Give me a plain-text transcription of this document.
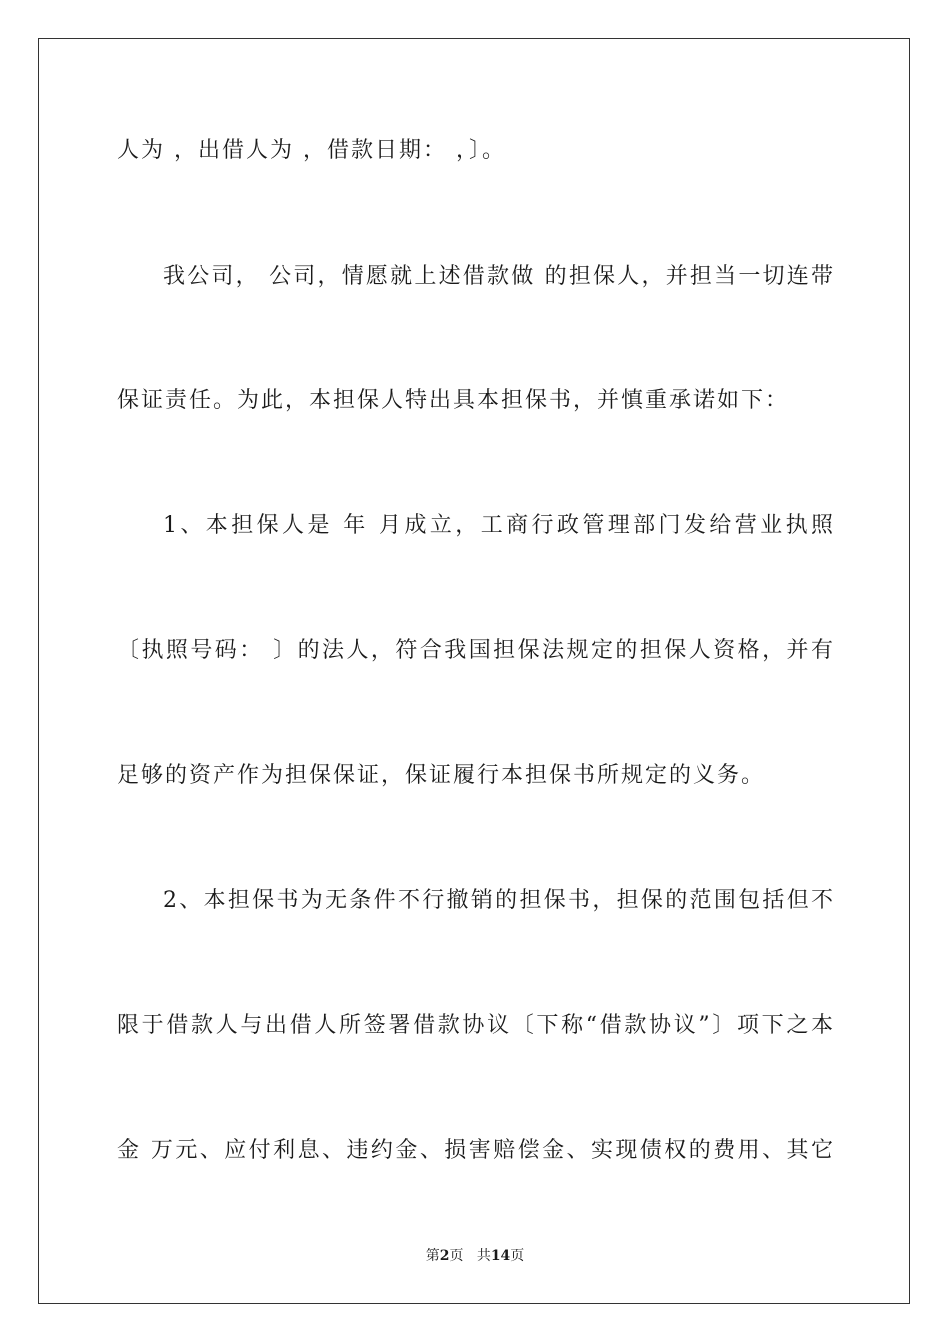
人为 ，出借人为 ，借款日期： ，〕。
我公司， 公司，情愿就上述借款做 的担保人，并担当一切连带
保证责任。为此，本担保人特出具本担保书，并慎重承诺如下：
1、本担保人是 年 月成立，工商行政管理部门发给营业执照
〔执照号码： 〕的法人，符合我国担保法规定的担保人资格，并有
足够的资产作为担保保证，保证履行本担保书所规定的义务。
2、本担保书为无条件不行撤销的担保书，担保的范围包括但不
限于借款人与出借人所签署借款协议〔下称“借款协议”〕项下之本
金 万元、应付利息、违约金、损害赔偿金、实现债权的费用、其它
第2页 共14页
